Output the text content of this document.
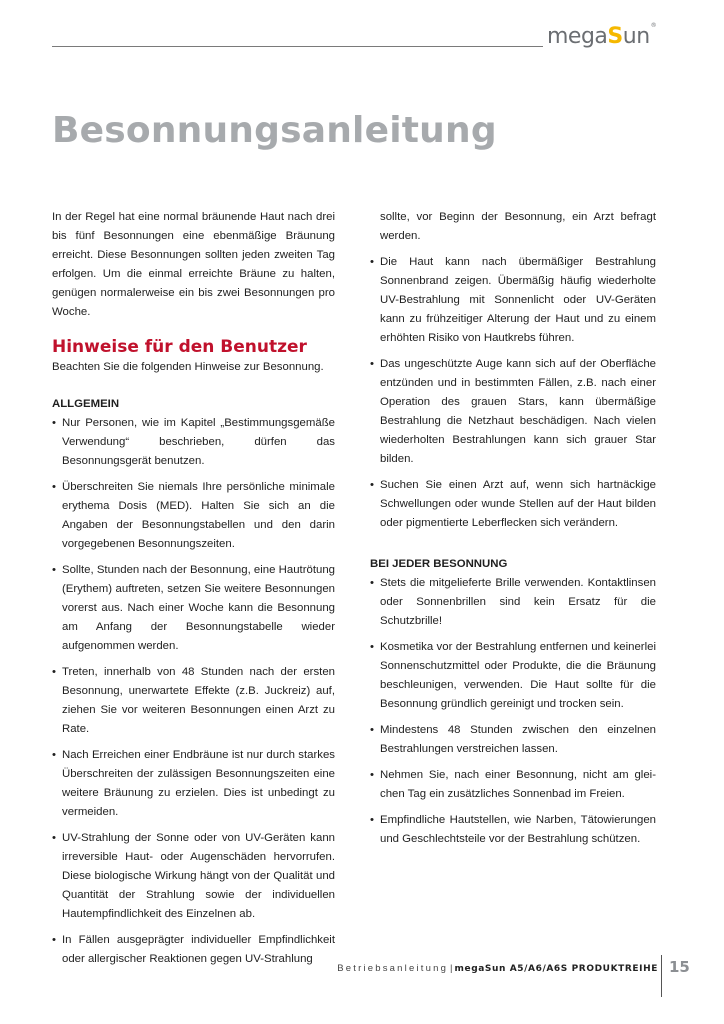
megaSun®
Besonnungsanleitung

In der Regel hat eine normal bräunende Haut nach drei bis fünf Besonnungen eine ebenmäßige Bräunung erreicht. Diese Besonnungen sollten jeden zweiten Tag erfolgen. Um die einmal erreichte Bräune zu halten, genügen normalerweise ein bis zwei Besonnungen pro Woche.

Hinweise für den Benutzer

Beachten Sie die folgenden Hinweise zur Besonnung.

ALLGEMEIN
• Nur Personen, wie im Kapitel „Bestimmungsgemäße Verwendung“ beschrieben, dürfen das Besonnungsgerät benutzen.
• Überschreiten Sie niemals Ihre persönliche minimale erythema Dosis (MED). Halten Sie sich an die Angaben der Besonnungstabellen und den darin vorgegebenen Besonnungszeiten.
• Sollte, Stunden nach der Besonnung, eine Hautrötung (Erythem) auftreten, setzen Sie weitere Besonnungen vorerst aus. Nach einer Woche kann die Besonnung am Anfang der Besonnungstabelle wieder aufgenommen werden.
• Treten, innerhalb von 48 Stunden nach der ersten Besonnung, unerwartete Effekte (z.B. Juckreiz) auf, ziehen Sie vor weiteren Besonnungen einen Arzt zu Rate.
• Nach Erreichen einer Endbräune ist nur durch starkes Überschreiten der zulässigen Besonnungszeiten eine weitere Bräunung zu erzielen. Dies ist unbedingt zu vermeiden.
• UV-Strahlung der Sonne oder von UV-Geräten kann irreversible Haut- oder Augenschäden hervorrufen. Diese biologische Wirkung hängt von der Qualität und Quantität der Strahlung sowie der individuellen Hautempfindlichkeit des Einzelnen ab.
• In Fällen ausgeprägter individueller Empfindlichkeit oder allergischer Reaktionen gegen UV-Strahlung

sollte, vor Beginn der Besonnung, ein Arzt befragt werden.

• Die Haut kann nach übermäßiger Bestrahlung Sonnenbrand zeigen. Übermäßig häufig wiederholte UV-Bestrahlung mit Sonnenlicht oder UV-Geräten kann zu frühzeitiger Alterung der Haut und zu einem erhöhten Risiko von Hautkrebs führen.
• Das ungeschützte Auge kann sich auf der Oberfläche entzünden und in bestimmten Fällen, z.B. nach einer Operation des grauen Stars, kann übermäßige Bestrahlung die Netzhaut beschädigen. Nach vielen wiederholten Bestrahlungen kann sich grauer Star bilden.
• Suchen Sie einen Arzt auf, wenn sich hartnäckige Schwellungen oder wunde Stellen auf der Haut bilden oder pigmentierte Leberflecken sich verändern.
BEI JEDER BESONNUNG
• Stets die mitgelieferte Brille verwenden. Kontaktlinsen oder Sonnenbrillen sind kein Ersatz für die Schutzbrille!
• Kosmetika vor der Bestrahlung entfernen und keinerlei Sonnenschutzmittel oder Produkte, die die Bräunung beschleunigen, verwenden. Die Haut sollte für die Besonnung gründlich gereinigt und trocken sein.
• Mindestens 48 Stunden zwischen den einzelnen Bestrahlungen verstreichen lassen.
• Nehmen Sie, nach einer Besonnung, nicht am gleichen Tag ein zusätzliches Sonnenbad im Freien.
• Empfindliche Hautstellen, wie Narben, Tätowierungen und Geschlechtsteile vor der Bestrahlung schützen.
Betriebsanleitung | megaSun A5/A6/A6S PRODUKTREIHE 15
